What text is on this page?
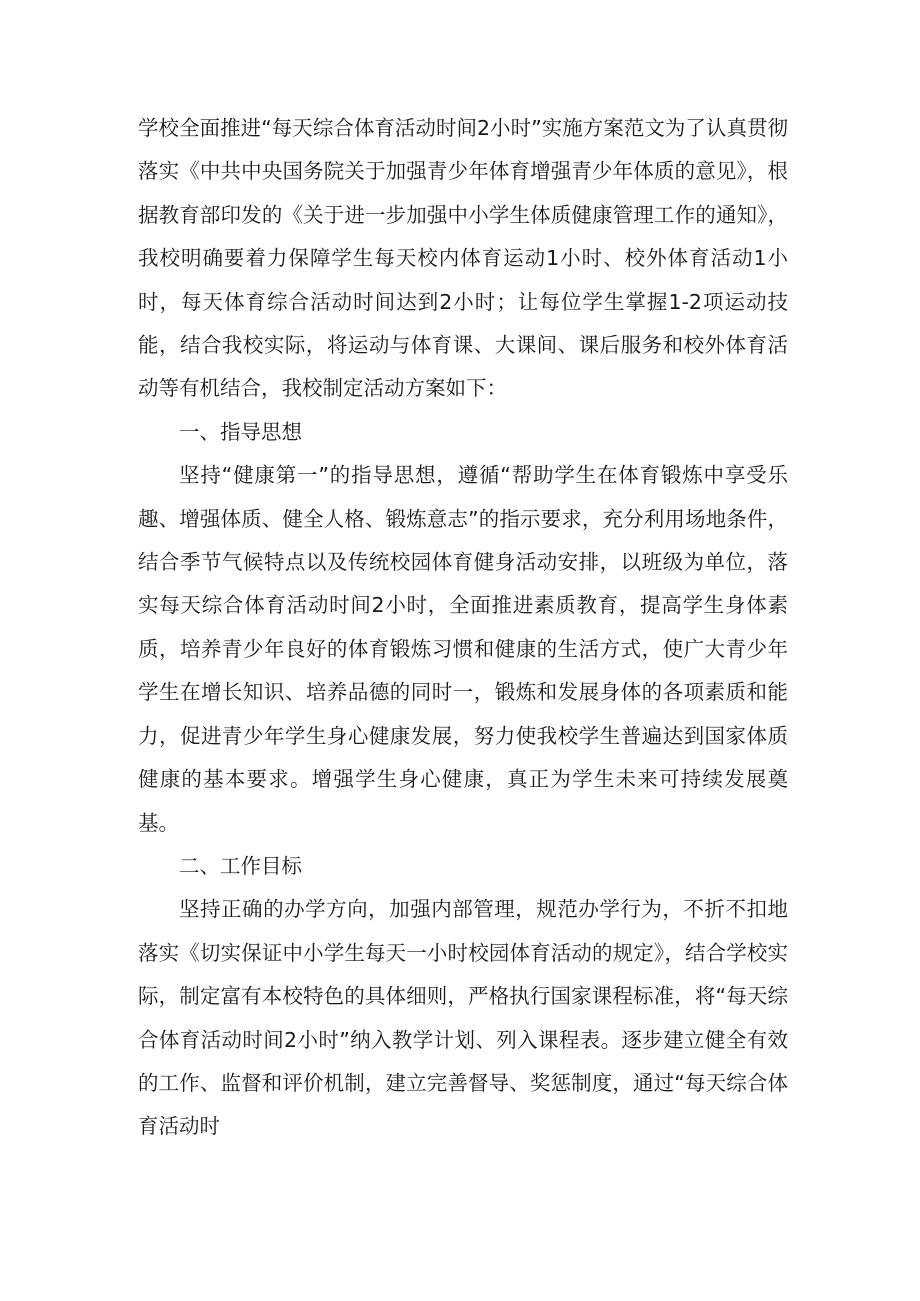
学校全面推进“每天综合体育活动时间2小时”实施方案范文为了认真贯彻落实《中共中央国务院关于加强青少年体育增强青少年体质的意见》，根据教育部印发的《关于进一步加强中小学生体质健康管理工作的通知》，我校明确要着力保障学生每天校内体育运动1小时、校外体育活动1小时，每天体育综合活动时间达到2小时；让每位学生掌握1-2项运动技能，结合我校实际，将运动与体育课、大课间、课后服务和校外体育活动等有机结合，我校制定活动方案如下：

一、指导思想

坚持“健康第一”的指导思想，遵循“帮助学生在体育锻炼中享受乐趣、增强体质、健全人格、锻炼意志”的指示要求，充分利用场地条件，结合季节气候特点以及传统校园体育健身活动安排，以班级为单位，落实每天综合体育活动时间2小时，全面推进素质教育，提高学生身体素质，培养青少年良好的体育锻炼习惯和健康的生活方式，使广大青少年学生在增长知识、培养品德的同时一，锻炼和发展身体的各项素质和能力，促进青少年学生身心健康发展，努力使我校学生普遍达到国家体质健康的基本要求。增强学生身心健康，真正为学生未来可持续发展奠基。

二、工作目标

坚持正确的办学方向，加强内部管理，规范办学行为，不折不扣地落实《切实保证中小学生每天一小时校园体育活动的规定》，结合学校实际，制定富有本校特色的具体细则，严格执行国家课程标准，将“每天综合体育活动时间2小时”纳入教学计划、列入课程表。逐步建立健全有效的工作、监督和评价机制，建立完善督导、奖惩制度，通过“每天综合体育活动时
